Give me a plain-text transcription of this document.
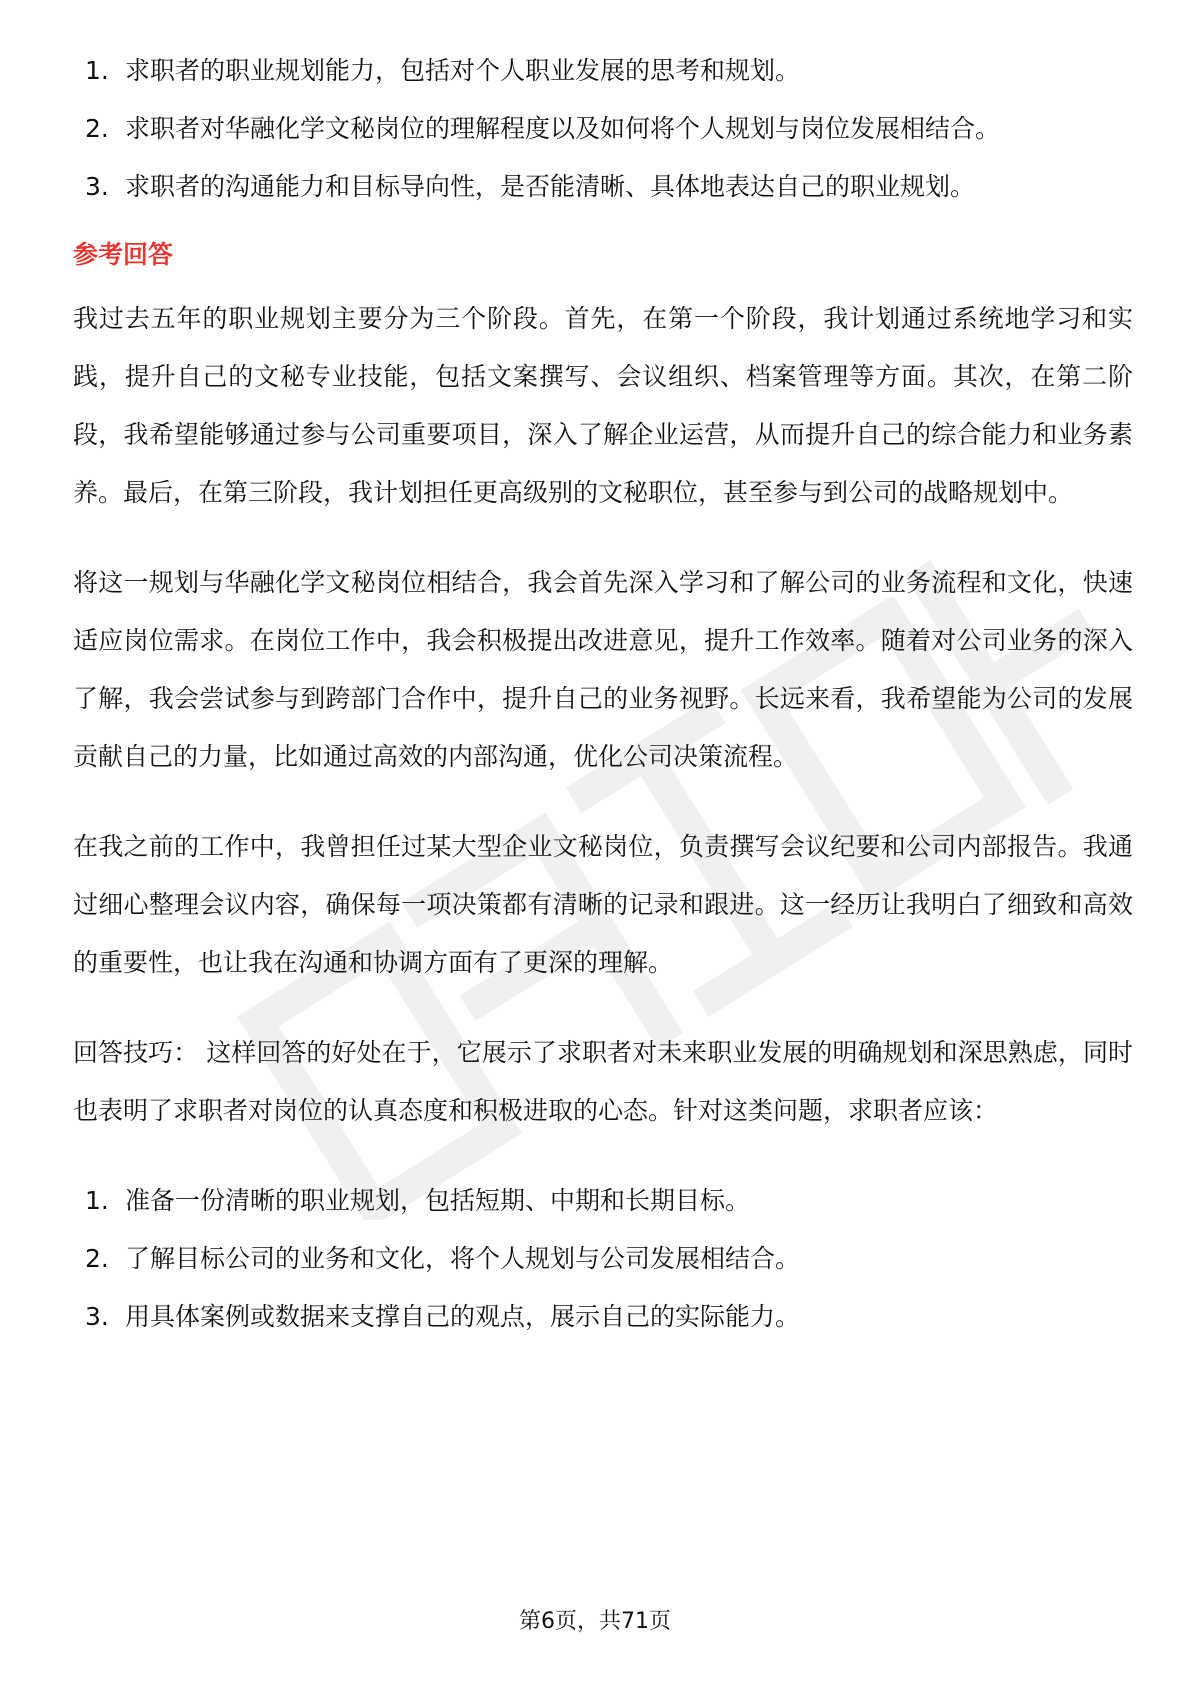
1. 求职者的职业规划能力，包括对个人职业发展的思考和规划。
2. 求职者对华融化学文秘岗位的理解程度以及如何将个人规划与岗位发展相结合。
3. 求职者的沟通能力和目标导向性，是否能清晰、具体地表达自己的职业规划。
参考回答

我过去五年的职业规划主要分为三个阶段。首先，在第一个阶段，我计划通过系统地学习和实践，提升自己的文秘专业技能，包括文案撰写、会议组织、档案管理等方面。其次，在第二阶段，我希望能够通过参与公司重要项目，深入了解企业运营，从而提升自己的综合能力和业务素养。最后，在第三阶段，我计划担任更高级别的文秘职位，甚至参与到公司的战略规划中。

将这一规划与华融化学文秘岗位相结合，我会首先深入学习和了解公司的业务流程和文化，快速适应岗位需求。在岗位工作中，我会积极提出改进意见，提升工作效率。随着对公司业务的深入了解，我会尝试参与到跨部门合作中，提升自己的业务视野。长远来看，我希望能为公司的发展贡献自己的力量，比如通过高效的内部沟通，优化公司决策流程。

在我之前的工作中，我曾担任过某大型企业文秘岗位，负责撰写会议纪要和公司内部报告。我通过细心整理会议内容，确保每一项决策都有清晰的记录和跟进。这一经历让我明白了细致和高效的重要性，也让我在沟通和协调方面有了更深的理解。

回答技巧： 这样回答的好处在于，它展示了求职者对未来职业发展的明确规划和深思熟虑，同时也表明了求职者对岗位的认真态度和积极进取的心态。针对这类问题，求职者应该：

1. 准备一份清晰的职业规划，包括短期、中期和长期目标。
2. 了解目标公司的业务和文化，将个人规划与公司发展相结合。
3. 用具体案例或数据来支撑自己的观点，展示自己的实际能力。
第6页，共71页
